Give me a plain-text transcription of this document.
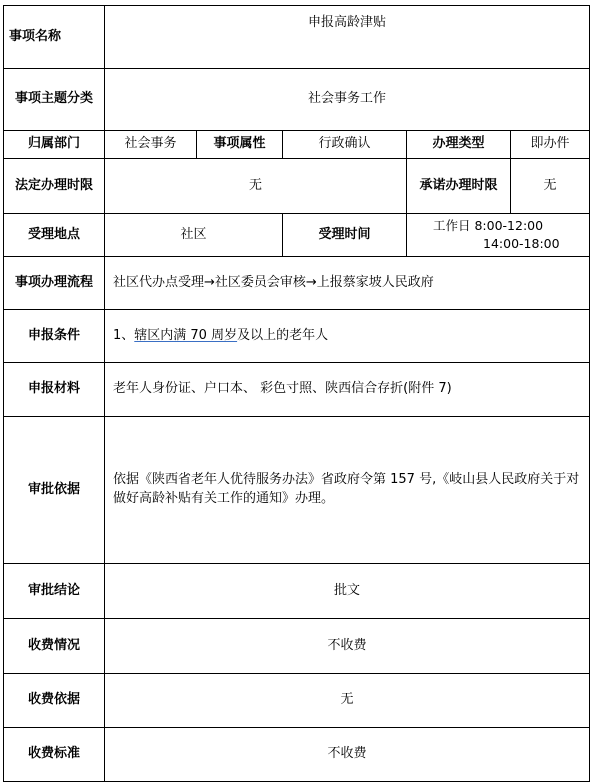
事项名称	申报高龄津贴				
事项主题分类	社会事务工作				
归属部门	社会事务	事项属性	行政确认	办理类型	即办件
法定办理时限	无			承诺办理时限	无
受理地点	社区		受理时间	工作日 8:00-12:00
14:00-18:00	

事项办理流程	社区代办点受理→社区委员会审核→上报蔡家坡人民政府				
申报条件	1、辖区内满 70 周岁及以上的老年人				
申报材料	老年人身份证、户口本、 彩色寸照、陕西信合存折(附件 7)				
审批依据	依据《陕西省老年人优待服务办法》省政府令第 157 号,《岐山县人民政府关于对做好高龄补贴有关工作的通知》办理。				
审批结论	批文				
收费情况	不收费				
收费依据	无				
收费标准	不收费				
